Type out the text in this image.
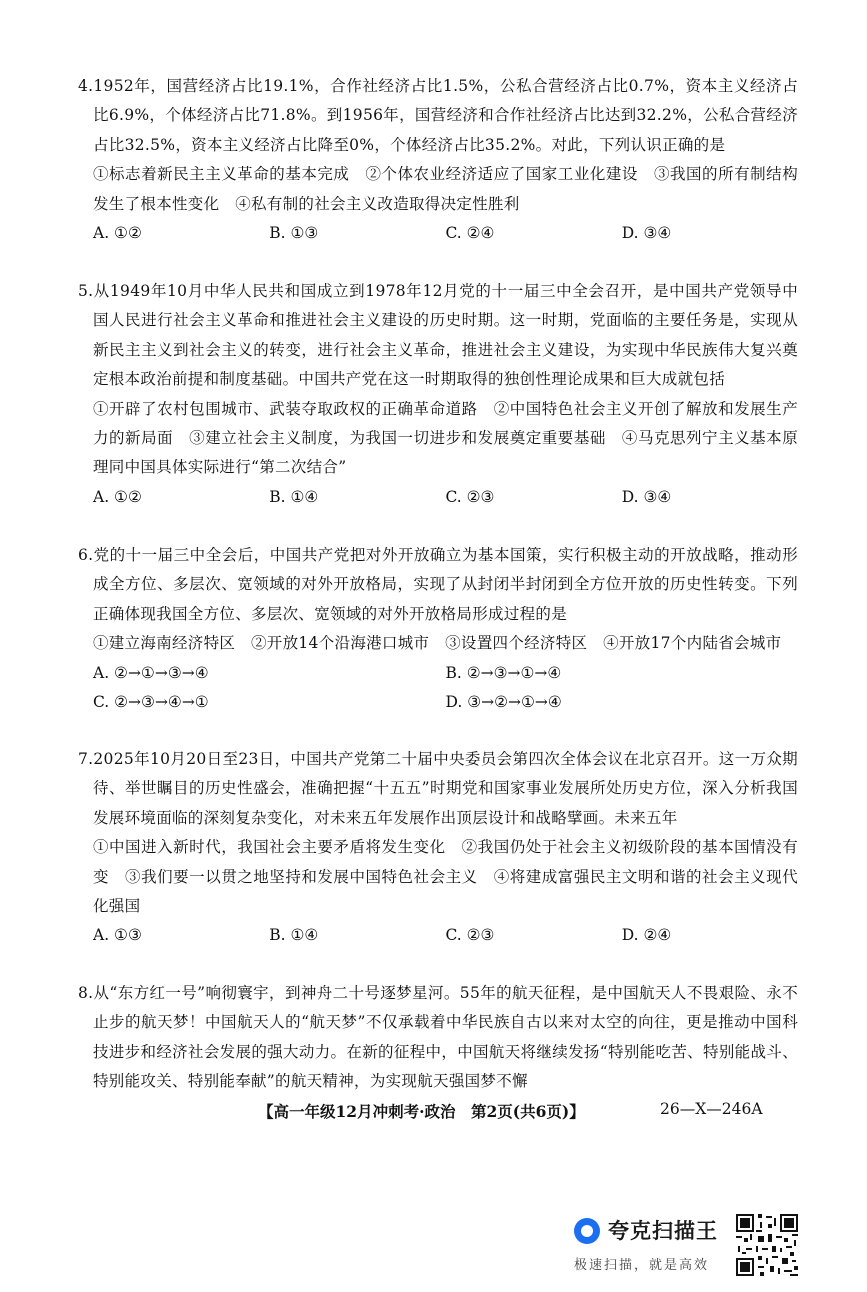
4.1952年，国营经济占比19.1%，合作社经济占比1.5%，公私合营经济占比0.7%，资本主义经济占比6.9%，个体经济占比71.8%。到1956年，国营经济和合作社经济占比达到32.2%，公私合营经济占比32.5%，资本主义经济占比降至0%，个体经济占比35.2%。对此，下列认识正确的是
①标志着新民主主义革命的基本完成　②个体农业经济适应了国家工业化建设　③我国的所有制结构发生了根本性变化　④私有制的社会主义改造取得决定性胜利
A. ①②	B. ①③	C. ②④	D. ③④
5.从1949年10月中华人民共和国成立到1978年12月党的十一届三中全会召开，是中国共产党领导中国人民进行社会主义革命和推进社会主义建设的历史时期。这一时期，党面临的主要任务是，实现从新民主主义到社会主义的转变，进行社会主义革命，推进社会主义建设，为实现中华民族伟大复兴奠定根本政治前提和制度基础。中国共产党在这一时期取得的独创性理论成果和巨大成就包括
①开辟了农村包围城市、武装夺取政权的正确革命道路　②中国特色社会主义开创了解放和发展生产力的新局面　③建立社会主义制度，为我国一切进步和发展奠定重要基础　④马克思列宁主义基本原理同中国具体实际进行“第二次结合”
A. ①②	B. ①④	C. ②③	D. ③④
6.党的十一届三中全会后，中国共产党把对外开放确立为基本国策，实行积极主动的开放战略，推动形成全方位、多层次、宽领域的对外开放格局，实现了从封闭半封闭到全方位开放的历史性转变。下列正确体现我国全方位、多层次、宽领域的对外开放格局形成过程的是
①建立海南经济特区　②开放14个沿海港口城市　③设置四个经济特区　④开放17个内陆省会城市
A. ②→①→③→④	B. ②→③→①→④
C. ②→③→④→①	D. ③→②→①→④
7.2025年10月20日至23日，中国共产党第二十届中央委员会第四次全体会议在北京召开。这一万众期待、举世瞩目的历史性盛会，准确把握“十五五”时期党和国家事业发展所处历史方位，深入分析我国发展环境面临的深刻复杂变化，对未来五年发展作出顶层设计和战略擘画。未来五年
①中国进入新时代，我国社会主要矛盾将发生变化　②我国仍处于社会主义初级阶段的基本国情没有变　③我们要一以贯之地坚持和发展中国特色社会主义　④将建成富强民主文明和谐的社会主义现代化强国
A. ①③	B. ①④	C. ②③	D. ②④
8.从“东方红一号”响彻寰宇，到神舟二十号逐梦星河。55年的航天征程，是中国航天人不畏艰险、永不止步的航天梦！中国航天人的“航天梦”不仅承载着中华民族自古以来对太空的向往，更是推动中国科技进步和经济社会发展的强大动力。在新的征程中，中国航天将继续发扬“特别能吃苦、特别能战斗、特别能攻关、特别能奉献”的航天精神，为实现航天强国梦不懈
【高一年级12月冲刺考·政治　第2页(共6页)】	26—X—246A
夸克扫描王
极速扫描，就是高效
